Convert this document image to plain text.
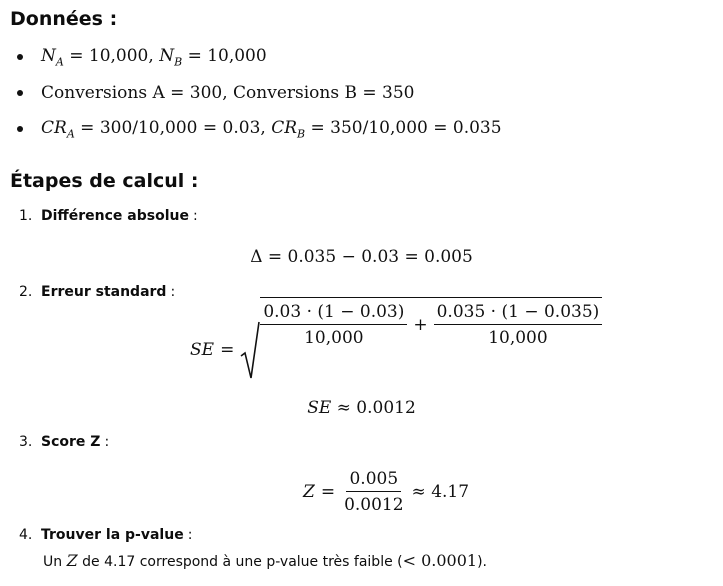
Données :
$N_A = 10,000$, $N_B = 10,000$
Conversions A = 300, Conversions B = 350
$CR_A = 300/10,000 = 0.03$, $CR_B = 350/10,000 = 0.035$
Étapes de calcul :
1. Différence absolue :
Δ = 0.035 − 0.03 = 0.005
2. Erreur standard :
SE =
$\frac{0.03 \cdot (1 - 0.03)}{10,000} + \frac{0.035 \cdot (1 - 0.035)}{10,000}$
SE ≈ 0.0012
3. Score Z :
$Z = \frac{0.005}{0.0012} \approx 4.17$
4. Trouver la p-value :
Un Z de 4.17 correspond à une p-value très faible (< 0.0001).
